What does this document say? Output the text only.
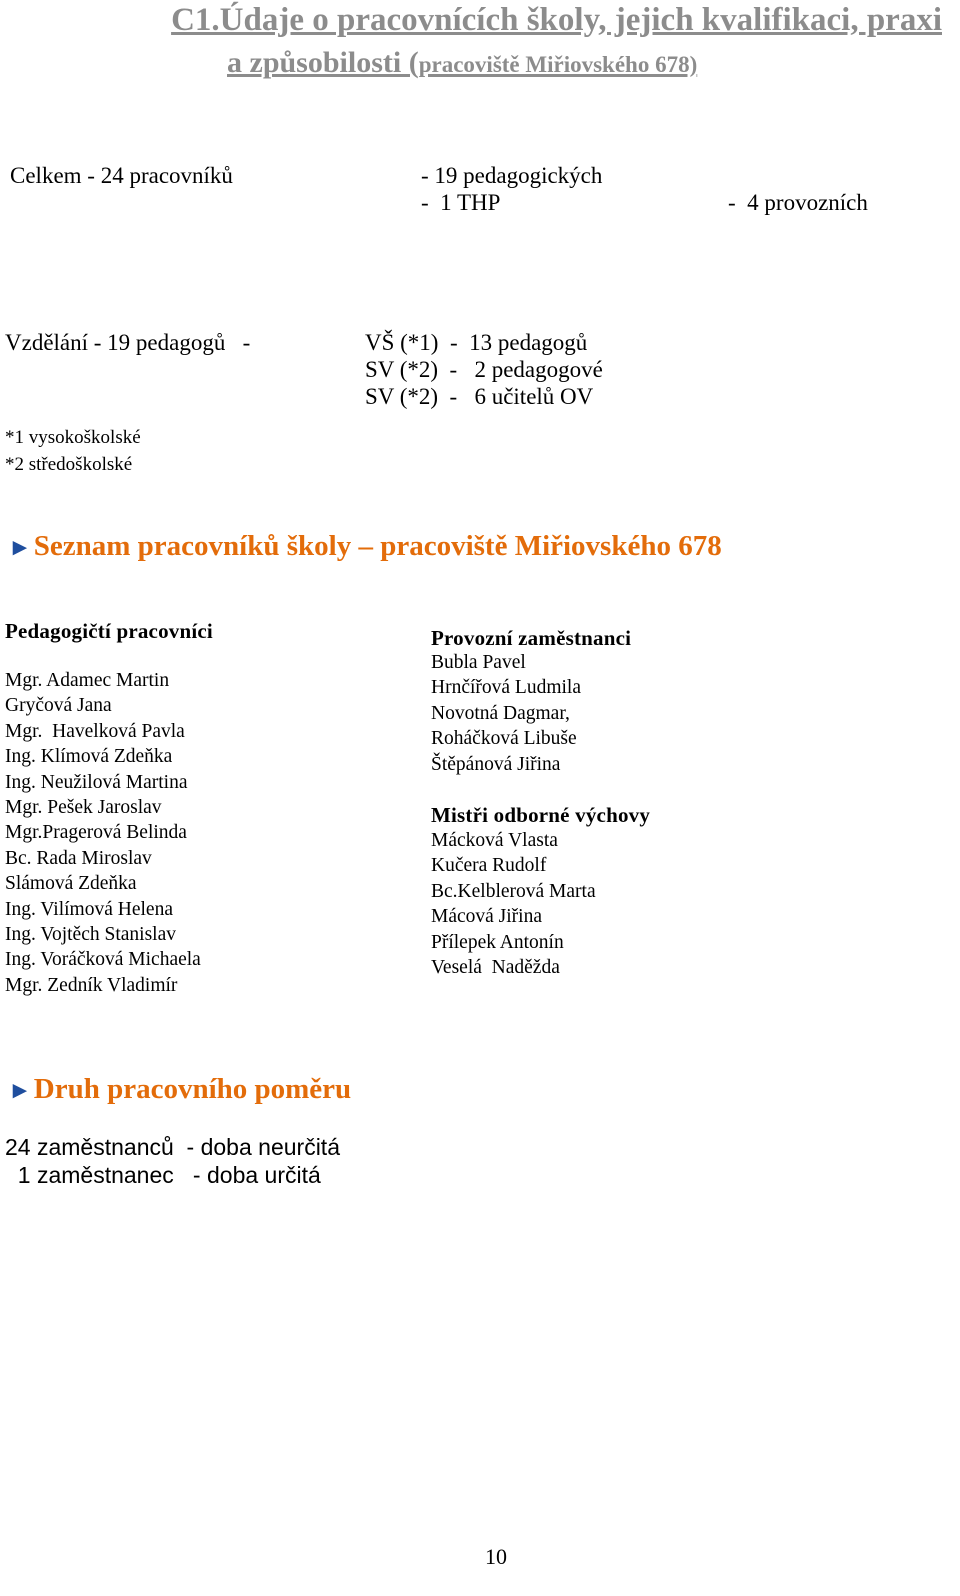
C1.Údaje o pracovnících školy, jejich kvalifikaci, praxi
a způsobilosti (pracoviště Miřiovského 678)
Celkem - 24 pracovníků	- 19 pedagogických
-  1 THP	-  4 provozních
Vzdělání - 19 pedagogů   -	VŠ (*1)  -  13 pedagogů
SV (*2)  -   2 pedagogové
SV (*2)  -   6 učitelů OV
*1 vysokoškolské
*2 středoškolské
►Seznam pracovníků školy – pracoviště Miřiovského 678
Pedagogičtí pracovníci
Mgr. Adamec Martin
Gryčová Jana
Mgr.  Havelková Pavla
Ing. Klímová Zdeňka
Ing. Neužilová Martina
Mgr. Pešek Jaroslav
Mgr.Pragerová Belinda
Bc. Rada Miroslav
Slámová Zdeňka
Ing. Vilímová Helena
Ing. Vojtěch Stanislav
Ing. Voráčková Michaela
Mgr. Zedník Vladimír
Provozní zaměstnanci
Bubla Pavel
Hrnčířová Ludmila
Novotná Dagmar,
Roháčková Libuše
Štěpánová Jiřina
Mistři odborné výchovy
Mácková Vlasta
Kučera Rudolf
Bc.Kelblerová Marta
Mácová Jiřina
Přílepek Antonín
Veselá  Naděžda
►Druh pracovního poměru
24 zaměstnanců  - doba neurčitá
1 zaměstnanec   - doba určitá
10
